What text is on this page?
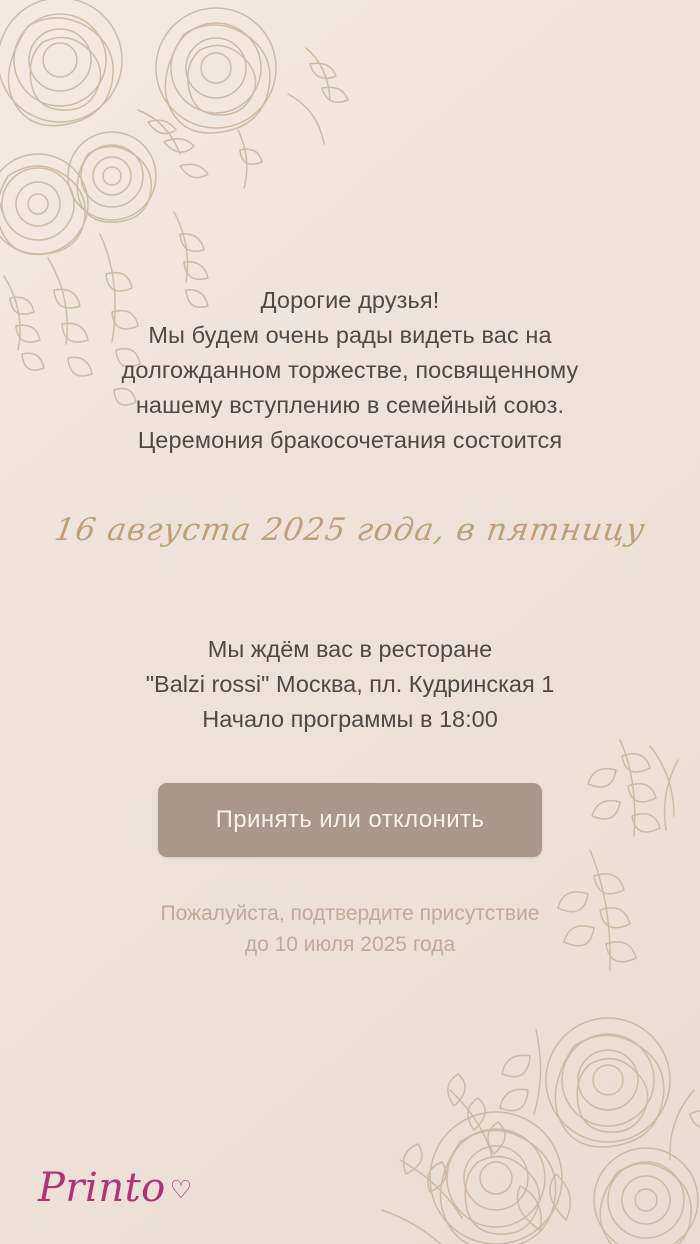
Дорогие друзья!
Мы будем очень рады видеть вас на
долгожданном торжестве, посвященному
нашему вступлению в семейный союз.
Церемония бракосочетания состоится
16 августа 2025 года, в пятницу
Мы ждём вас в ресторане
"Balzi rossi" Москва, пл. Кудринская 1
Начало программы в 18:00
Принять или отклонить
Пожалуйста, подтвердите присутствие
до 10 июля 2025 года
Printo ♡
